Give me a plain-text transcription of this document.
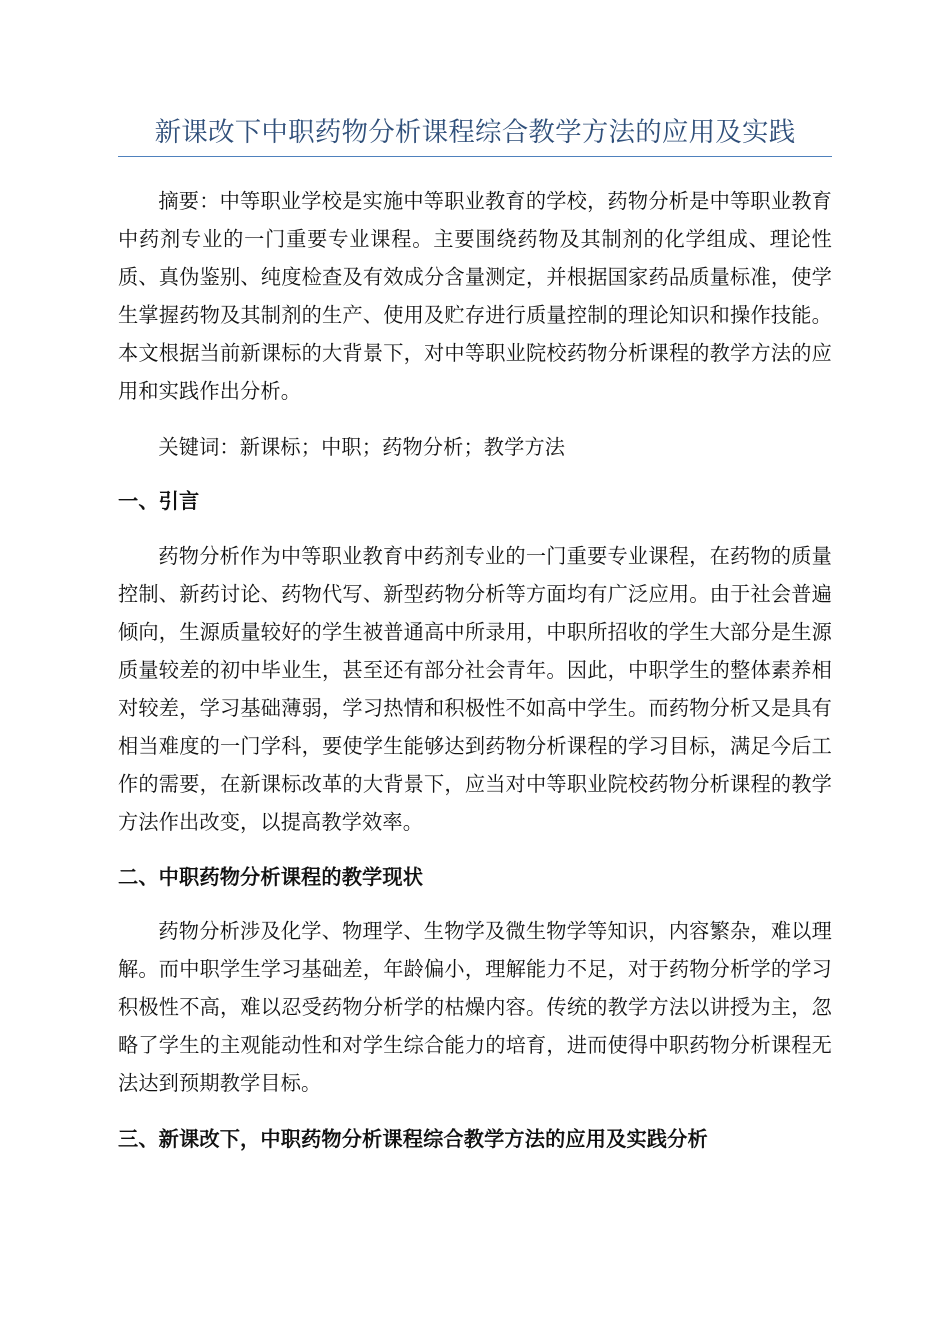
新课改下中职药物分析课程综合教学方法的应用及实践

摘要：中等职业学校是实施中等职业教育的学校，药物分析是中等职业教育中药剂专业的一门重要专业课程。主要围绕药物及其制剂的化学组成、理论性质、真伪鉴别、纯度检查及有效成分含量测定，并根据国家药品质量标准，使学生掌握药物及其制剂的生产、使用及贮存进行质量控制的理论知识和操作技能。本文根据当前新课标的大背景下，对中等职业院校药物分析课程的教学方法的应用和实践作出分析。

关键词：新课标；中职；药物分析；教学方法

一、引言

药物分析作为中等职业教育中药剂专业的一门重要专业课程，在药物的质量控制、新药讨论、药物代写、新型药物分析等方面均有广泛应用。由于社会普遍倾向，生源质量较好的学生被普通高中所录用，中职所招收的学生大部分是生源质量较差的初中毕业生，甚至还有部分社会青年。因此，中职学生的整体素养相对较差，学习基础薄弱，学习热情和积极性不如高中学生。而药物分析又是具有相当难度的一门学科，要使学生能够达到药物分析课程的学习目标，满足今后工作的需要，在新课标改革的大背景下，应当对中等职业院校药物分析课程的教学方法作出改变，以提高教学效率。

二、中职药物分析课程的教学现状

药物分析涉及化学、物理学、生物学及微生物学等知识，内容繁杂，难以理解。而中职学生学习基础差，年龄偏小，理解能力不足，对于药物分析学的学习积极性不高，难以忍受药物分析学的枯燥内容。传统的教学方法以讲授为主，忽略了学生的主观能动性和对学生综合能力的培育，进而使得中职药物分析课程无法达到预期教学目标。

三、新课改下，中职药物分析课程综合教学方法的应用及实践分析
